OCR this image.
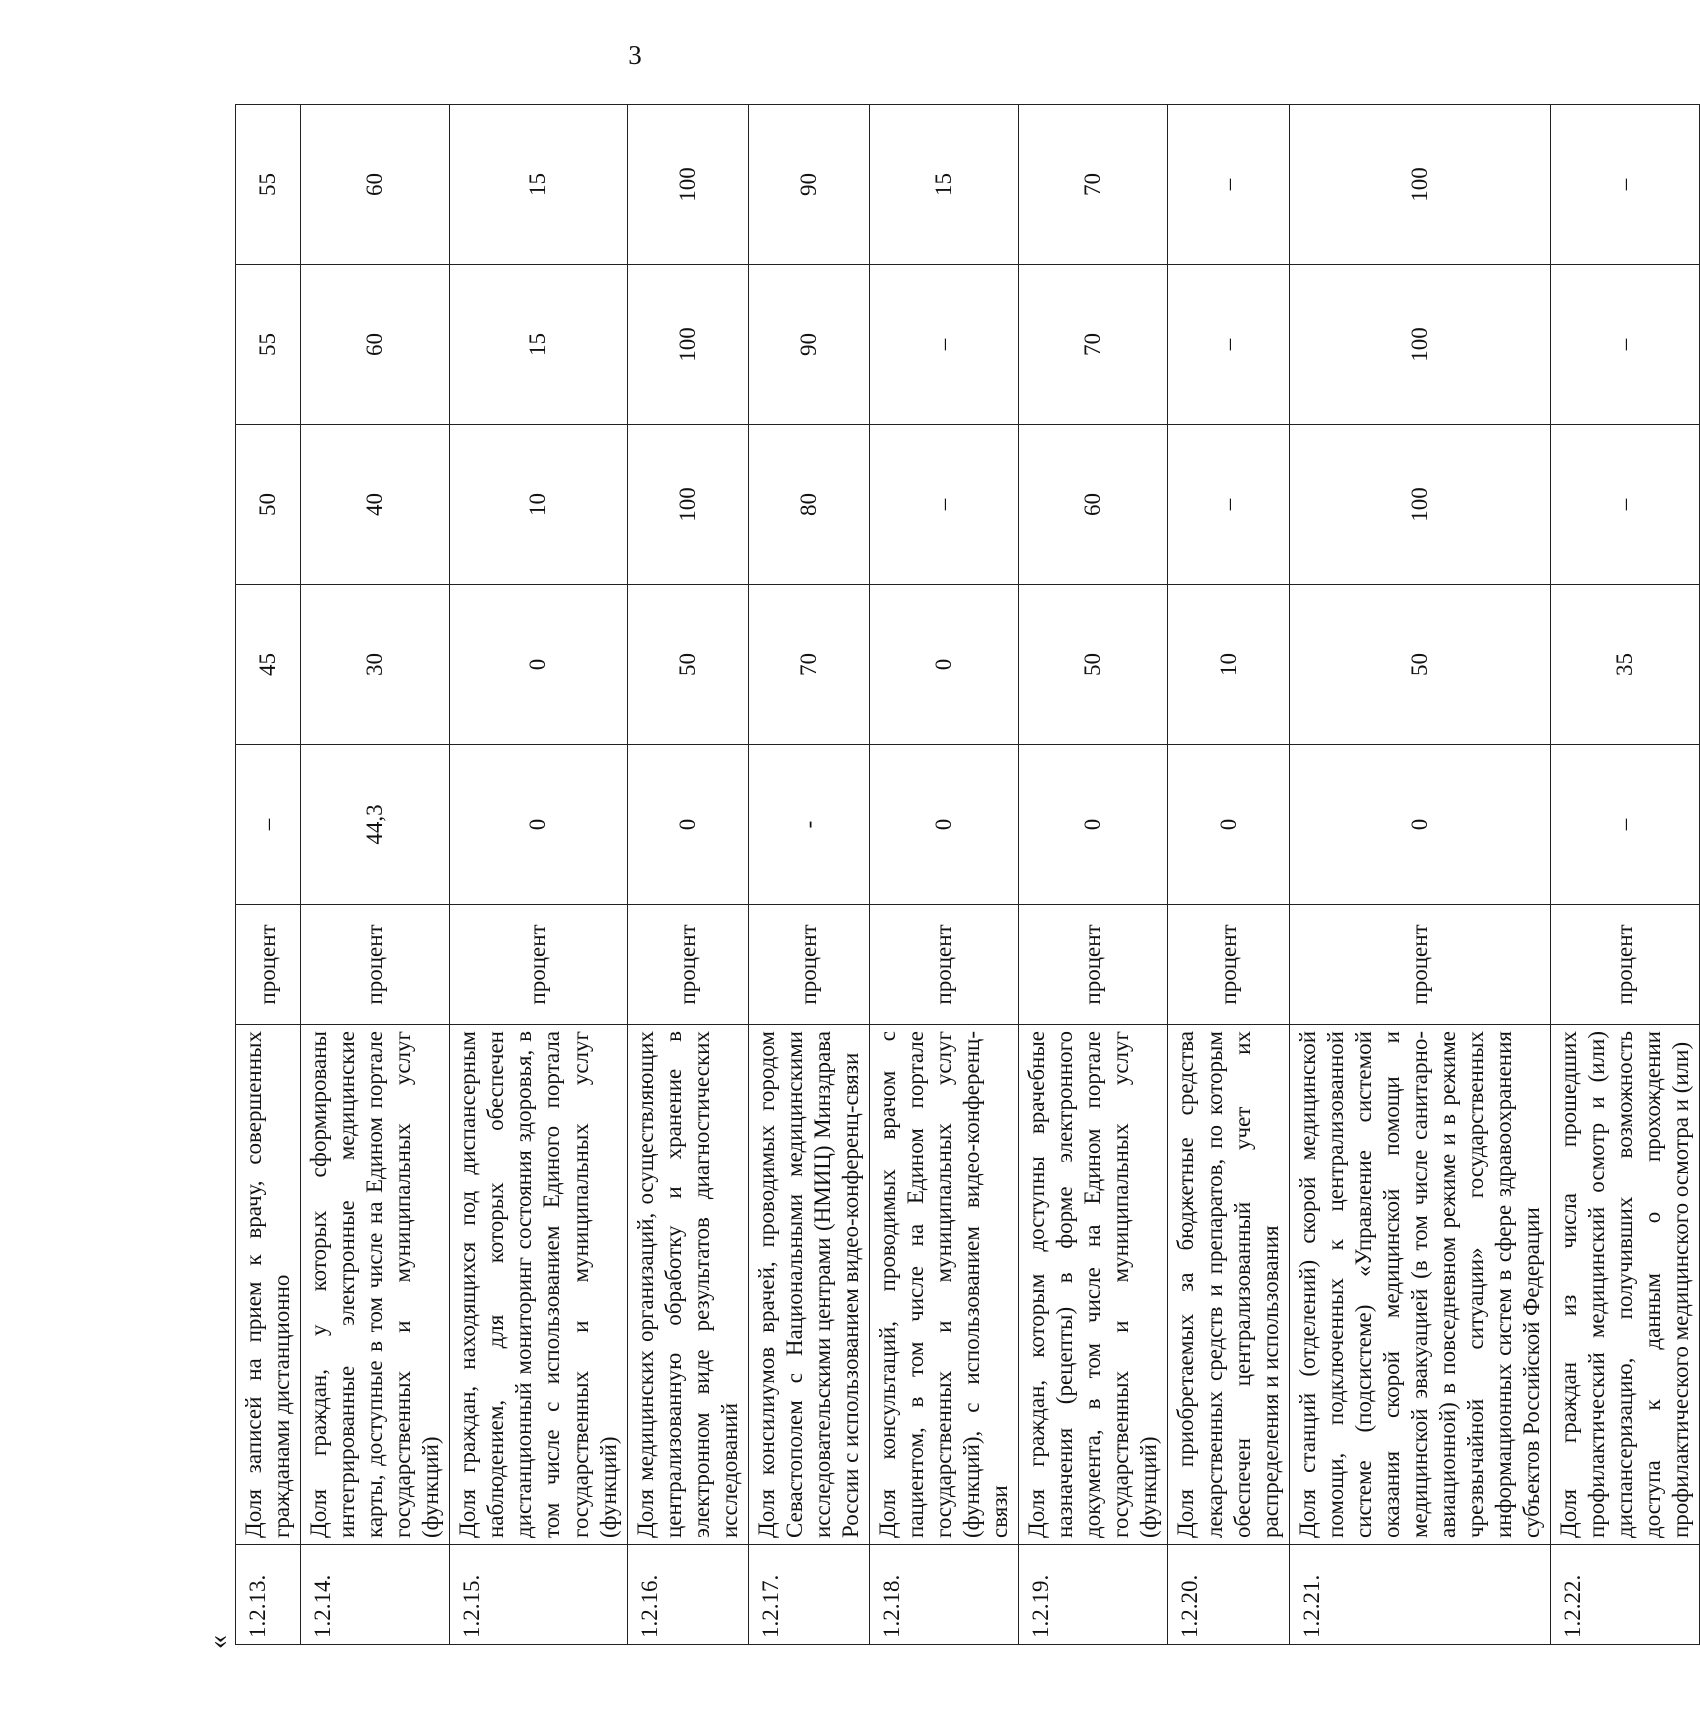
3
«
1.2.13.	Доля записей на прием к врачу, совершенных гражданами дистанционно	процент	–	45	50	55	55
1.2.14.	Доля граждан, у которых сформированы интегрированные электронные медицинские карты, доступные в том числе на Едином портале государственных и муниципальных услуг (функций)	процент	44,3	30	40	60	60
1.2.15.	Доля граждан, находящихся под диспансерным наблюдением, для которых обеспечен дистанционный мониторинг состояния здоровья, в том числе с использованием Единого портала государственных и муниципальных услуг (функций)	процент	0	0	10	15	15
1.2.16.	Доля медицинских организаций, осуществляющих централизованную обработку и хранение в электронном виде результатов диагностических исследований	процент	0	50	100	100	100
1.2.17.	Доля консилиумов врачей, проводимых городом Севастополем с Национальными медицинскими исследовательскими центрами (НМИЦ) Минздрава России с использованием видео-конференц-связи	процент	-	70	80	90	90
1.2.18.	Доля консультаций, проводимых врачом с пациентом, в том числе на Едином портале государственных и муниципальных услуг (функций), с использованием видео-конференц-связи	процент	0	0	–	–	15
1.2.19.	Доля граждан, которым доступны врачебные назначения (рецепты) в форме электронного документа, в том числе на Едином портале государственных и муниципальных услуг (функций)	процент	0	50	60	70	70
1.2.20.	Доля приобретаемых за бюджетные средства лекарственных средств и препаратов, по которым обеспечен централизованный учет их распределения и использования	процент	0	10	–	–	–
1.2.21.	Доля станций (отделений) скорой медицинской помощи, подключенных к централизованной системе (подсистеме) «Управление системой оказания скорой медицинской помощи и медицинской эвакуацией (в том числе санитарно-авиационной) в повседневном режиме и в режиме чрезвычайной ситуации» государственных информационных систем в сфере здравоохранения субъектов Российской Федерации	процент	0	50	100	100	100
1.2.22.	Доля граждан из числа прошедших профилактический медицинский осмотр и (или) диспансеризацию, получивших возможность доступа к данным о прохождении профилактического медицинского осмотра и (или)	процент	–	35	–	–	–
